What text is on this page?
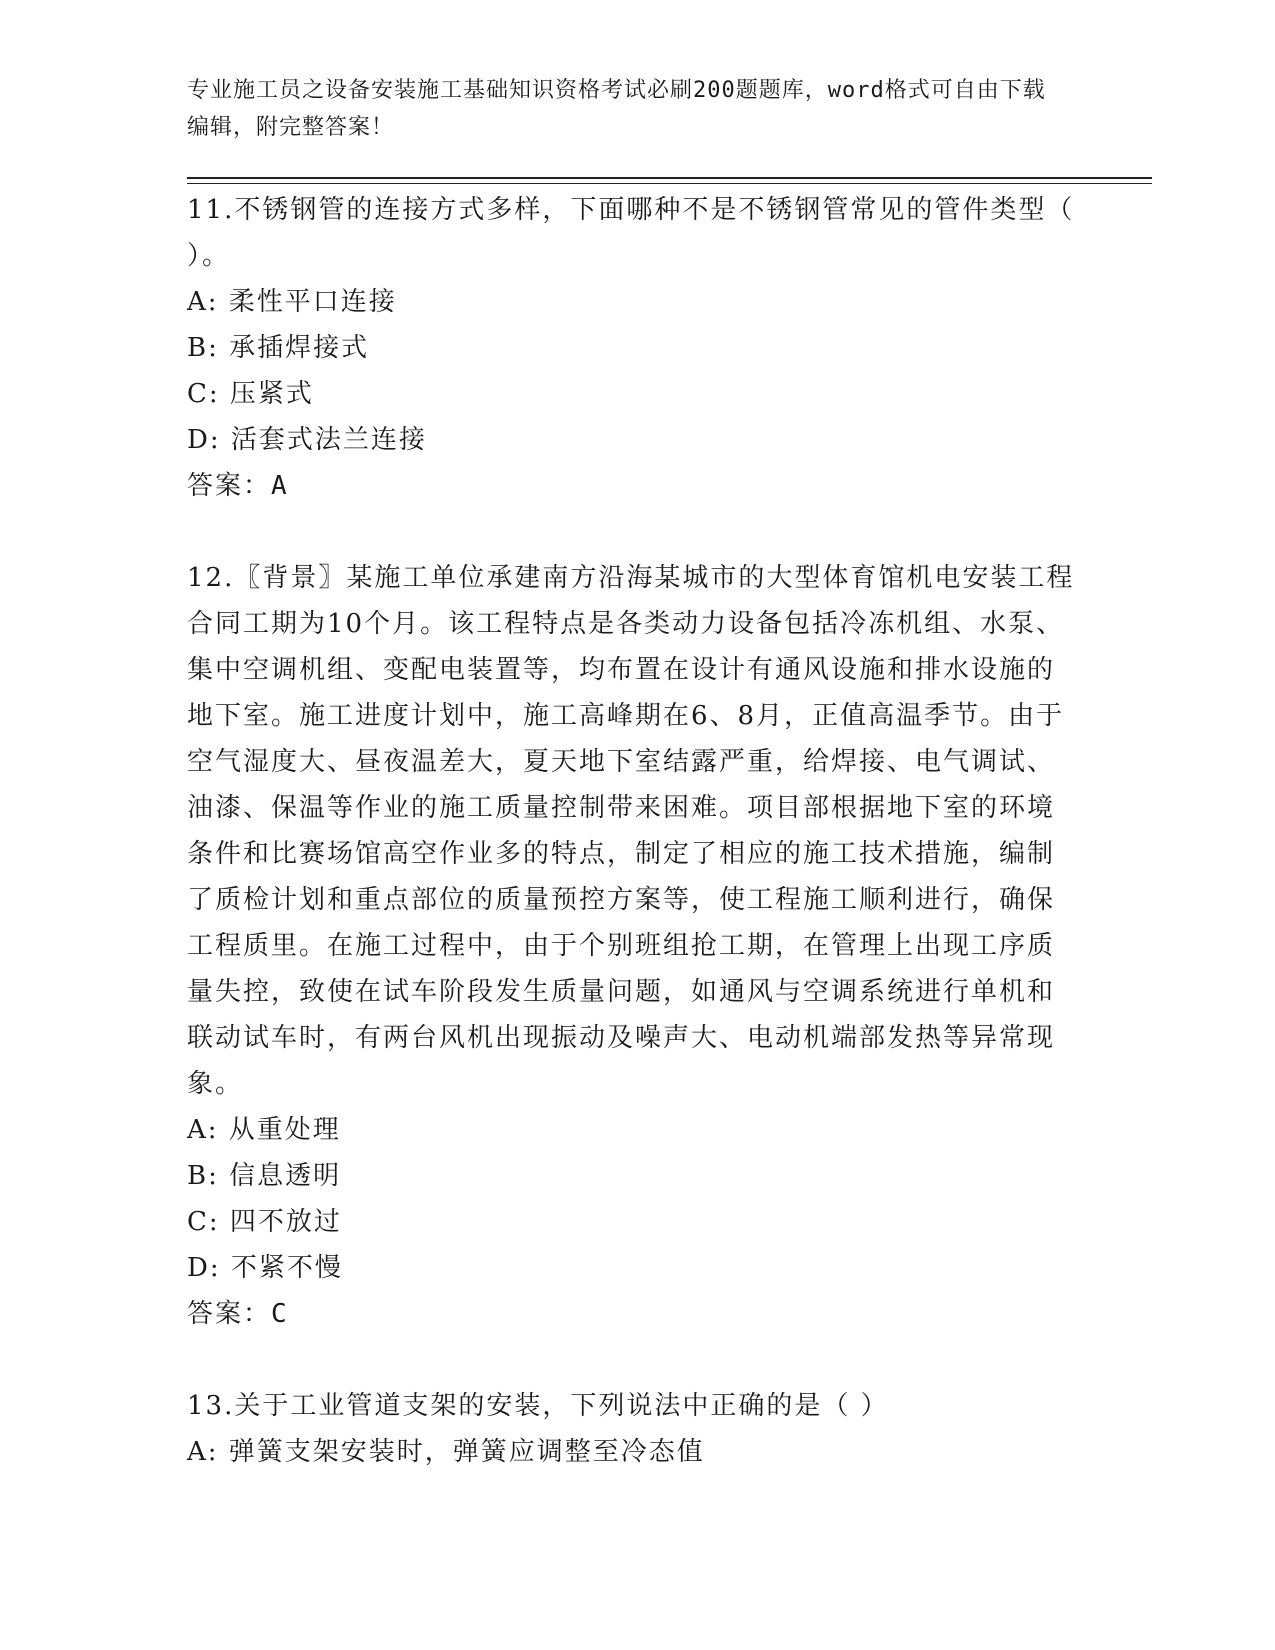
专业施工员之设备安装施工基础知识资格考试必刷200题题库，word格式可自由下载编辑，附完整答案！

11.不锈钢管的连接方式多样，下面哪种不是不锈钢管常见的管件类型（ ）。

A: 柔性平口连接

B: 承插焊接式

C: 压紧式

D: 活套式法兰连接

答案：A

12.〖背景〗某施工单位承建南方沿海某城市的大型体育馆机电安装工程合同工期为10个月。该工程特点是各类动力设备包括冷冻机组、水泵、集中空调机组、变配电装置等，均布置在设计有通风设施和排水设施的地下室。施工进度计划中，施工高峰期在6、8月，正值高温季节。由于空气湿度大、昼夜温差大，夏天地下室结露严重，给焊接、电气调试、油漆、保温等作业的施工质量控制带来困难。项目部根据地下室的环境条件和比赛场馆高空作业多的特点，制定了相应的施工技术措施，编制了质检计划和重点部位的质量预控方案等，使工程施工顺利进行，确保工程质里。在施工过程中，由于个别班组抢工期，在管理上出现工序质量失控，致使在试车阶段发生质量问题，如通风与空调系统进行单机和联动试车时，有两台风机出现振动及噪声大、电动机端部发热等异常现象。

A: 从重处理

B: 信息透明

C: 四不放过

D: 不紧不慢

答案：C

13.关于工业管道支架的安装，下列说法中正确的是（ ）

A: 弹簧支架安装时，弹簧应调整至冷态值
